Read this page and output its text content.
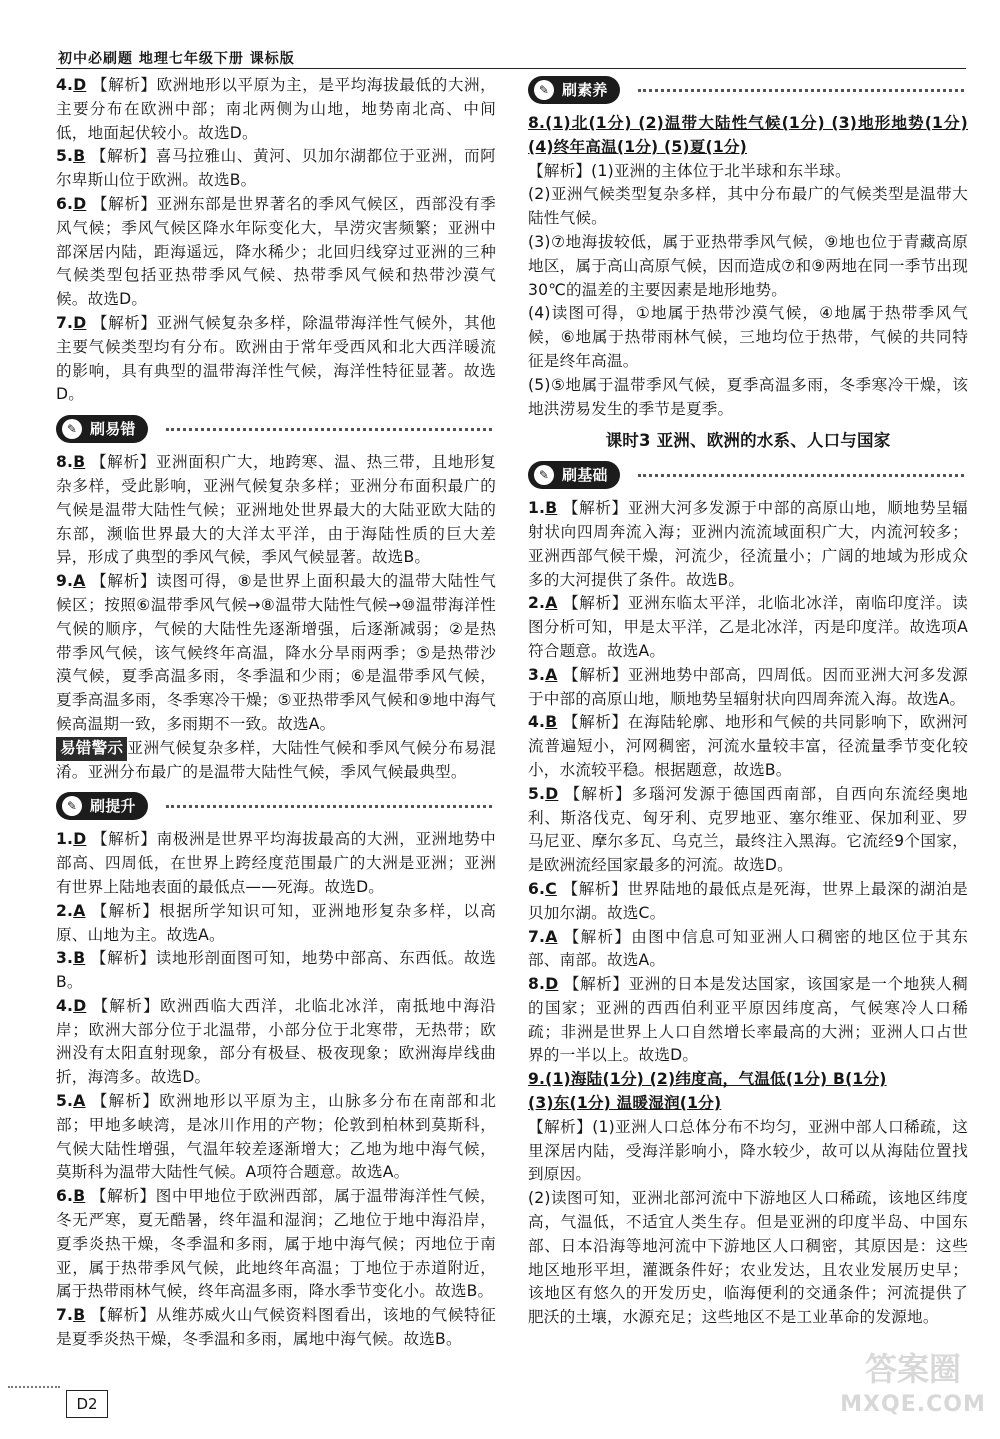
初中必刷题 地理七年级下册 课标版

4.D 【解析】欧洲地形以平原为主，是平均海拔最低的大洲，主要分布在欧洲中部；南北两侧为山地，地势南北高、中间低，地面起伏较小。故选D。

5.B 【解析】喜马拉雅山、黄河、贝加尔湖都位于亚洲，而阿尔卑斯山位于欧洲。故选B。

6.D 【解析】亚洲东部是世界著名的季风气候区，西部没有季风气候；季风气候区降水年际变化大，旱涝灾害频繁；亚洲中部深居内陆，距海遥远，降水稀少；北回归线穿过亚洲的三种气候类型包括亚热带季风气候、热带季风气候和热带沙漠气候。故选D。

7.D 【解析】亚洲气候复杂多样，除温带海洋性气候外，其他主要气候类型均有分布。欧洲由于常年受西风和北大西洋暖流的影响，具有典型的温带海洋性气候，海洋性特征显著。故选D。

✎ 刷易错

8.B 【解析】亚洲面积广大，地跨寒、温、热三带，且地形复杂多样，受此影响，亚洲气候复杂多样；亚洲分布面积最广的气候是温带大陆性气候；亚洲地处世界最大的大陆亚欧大陆的东部，濒临世界最大的大洋太平洋，由于海陆性质的巨大差异，形成了典型的季风气候，季风气候显著。故选B。

9.A 【解析】读图可得，⑧是世界上面积最大的温带大陆性气候区；按照⑥温带季风气候→⑧温带大陆性气候→⑩温带海洋性气候的顺序，气候的大陆性先逐渐增强，后逐渐减弱；②是热带季风气候，该气候终年高温，降水分旱雨两季；⑤是热带沙漠气候，夏季高温多雨，冬季温和少雨；⑥是温带季风气候，夏季高温多雨，冬季寒冷干燥；⑤亚热带季风气候和⑨地中海气候高温期一致，多雨期不一致。故选A。

易错警示 亚洲气候复杂多样，大陆性气候和季风气候分布易混淆。亚洲分布最广的是温带大陆性气候，季风气候最典型。

✎ 刷提升

1.D 【解析】南极洲是世界平均海拔最高的大洲，亚洲地势中部高、四周低，在世界上跨经度范围最广的大洲是亚洲；亚洲有世界上陆地表面的最低点——死海。故选D。

2.A 【解析】根据所学知识可知，亚洲地形复杂多样，以高原、山地为主。故选A。

3.B 【解析】读地形剖面图可知，地势中部高、东西低。故选B。

4.D 【解析】欧洲西临大西洋，北临北冰洋，南抵地中海沿岸；欧洲大部分位于北温带，小部分位于北寒带，无热带；欧洲没有太阳直射现象，部分有极昼、极夜现象；欧洲海岸线曲折，海湾多。故选D。

5.A 【解析】欧洲地形以平原为主，山脉多分布在南部和北部；甲地多峡湾，是冰川作用的产物；伦敦到柏林到莫斯科，气候大陆性增强，气温年较差逐渐增大；乙地为地中海气候，莫斯科为温带大陆性气候。A项符合题意。故选A。

6.B 【解析】图中甲地位于欧洲西部，属于温带海洋性气候，冬无严寒，夏无酷暑，终年温和湿润；乙地位于地中海沿岸，夏季炎热干燥，冬季温和多雨，属于地中海气候；丙地位于南亚，属于热带季风气候，此地终年高温；丁地位于赤道附近，属于热带雨林气候，终年高温多雨，降水季节变化小。故选B。

7.B 【解析】从维苏威火山气候资料图看出，该地的气候特征是夏季炎热干燥，冬季温和多雨，属地中海气候。故选B。

✎ 刷素养

8.(1)北(1分) (2)温带大陆性气候(1分) (3)地形地势(1分) (4)终年高温(1分) (5)夏(1分)

【解析】(1)亚洲的主体位于北半球和东半球。

(2)亚洲气候类型复杂多样，其中分布最广的气候类型是温带大陆性气候。

(3)⑦地海拔较低，属于亚热带季风气候，⑨地也位于青藏高原地区，属于高山高原气候，因而造成⑦和⑨两地在同一季节出现30℃的温差的主要因素是地形地势。

(4)读图可得，①地属于热带沙漠气候，④地属于热带季风气候，⑥地属于热带雨林气候，三地均位于热带，气候的共同特征是终年高温。

(5)⑤地属于温带季风气候，夏季高温多雨，冬季寒冷干燥，该地洪涝易发生的季节是夏季。

课时3 亚洲、欧洲的水系、人口与国家
✎ 刷基础

1.B 【解析】亚洲大河多发源于中部的高原山地，顺地势呈辐射状向四周奔流入海；亚洲内流流域面积广大，内流河较多；亚洲西部气候干燥，河流少，径流量小；广阔的地域为形成众多的大河提供了条件。故选B。

2.A 【解析】亚洲东临太平洋，北临北冰洋，南临印度洋。读图分析可知，甲是太平洋，乙是北冰洋，丙是印度洋。故选项A符合题意。故选A。

3.A 【解析】亚洲地势中部高，四周低。因而亚洲大河多发源于中部的高原山地，顺地势呈辐射状向四周奔流入海。故选A。

4.B 【解析】在海陆轮廓、地形和气候的共同影响下，欧洲河流普遍短小，河网稠密，河流水量较丰富，径流量季节变化较小，水流较平稳。根据题意，故选B。

5.D 【解析】多瑙河发源于德国西南部，自西向东流经奥地利、斯洛伐克、匈牙利、克罗地亚、塞尔维亚、保加利亚、罗马尼亚、摩尔多瓦、乌克兰，最终注入黑海。它流经9个国家，是欧洲流经国家最多的河流。故选D。

6.C 【解析】世界陆地的最低点是死海，世界上最深的湖泊是贝加尔湖。故选C。

7.A 【解析】由图中信息可知亚洲人口稠密的地区位于其东部、南部。故选A。

8.D 【解析】亚洲的日本是发达国家，该国家是一个地狭人稠的国家；亚洲的西西伯利亚平原因纬度高，气候寒冷人口稀疏；非洲是世界上人口自然增长率最高的大洲；亚洲人口占世界的一半以上。故选D。

9.(1)海陆(1分) (2)纬度高，气温低(1分) B(1分)

(3)东(1分) 温暖湿润(1分)

【解析】(1)亚洲人口总体分布不均匀，亚洲中部人口稀疏，这里深居内陆，受海洋影响小，降水较少，故可以从海陆位置找到原因。

(2)读图可知，亚洲北部河流中下游地区人口稀疏，该地区纬度高，气温低，不适宜人类生存。但是亚洲的印度半岛、中国东部、日本沿海等地河流中下游地区人口稠密，其原因是：这些地区地形平坦，灌溉条件好；农业发达，且农业发展历史早；该地区有悠久的开发历史，临海便利的交通条件；河流提供了肥沃的土壤，水源充足；这些地区不是工业革命的发源地。

D2
答案圈
MXQE.COM
